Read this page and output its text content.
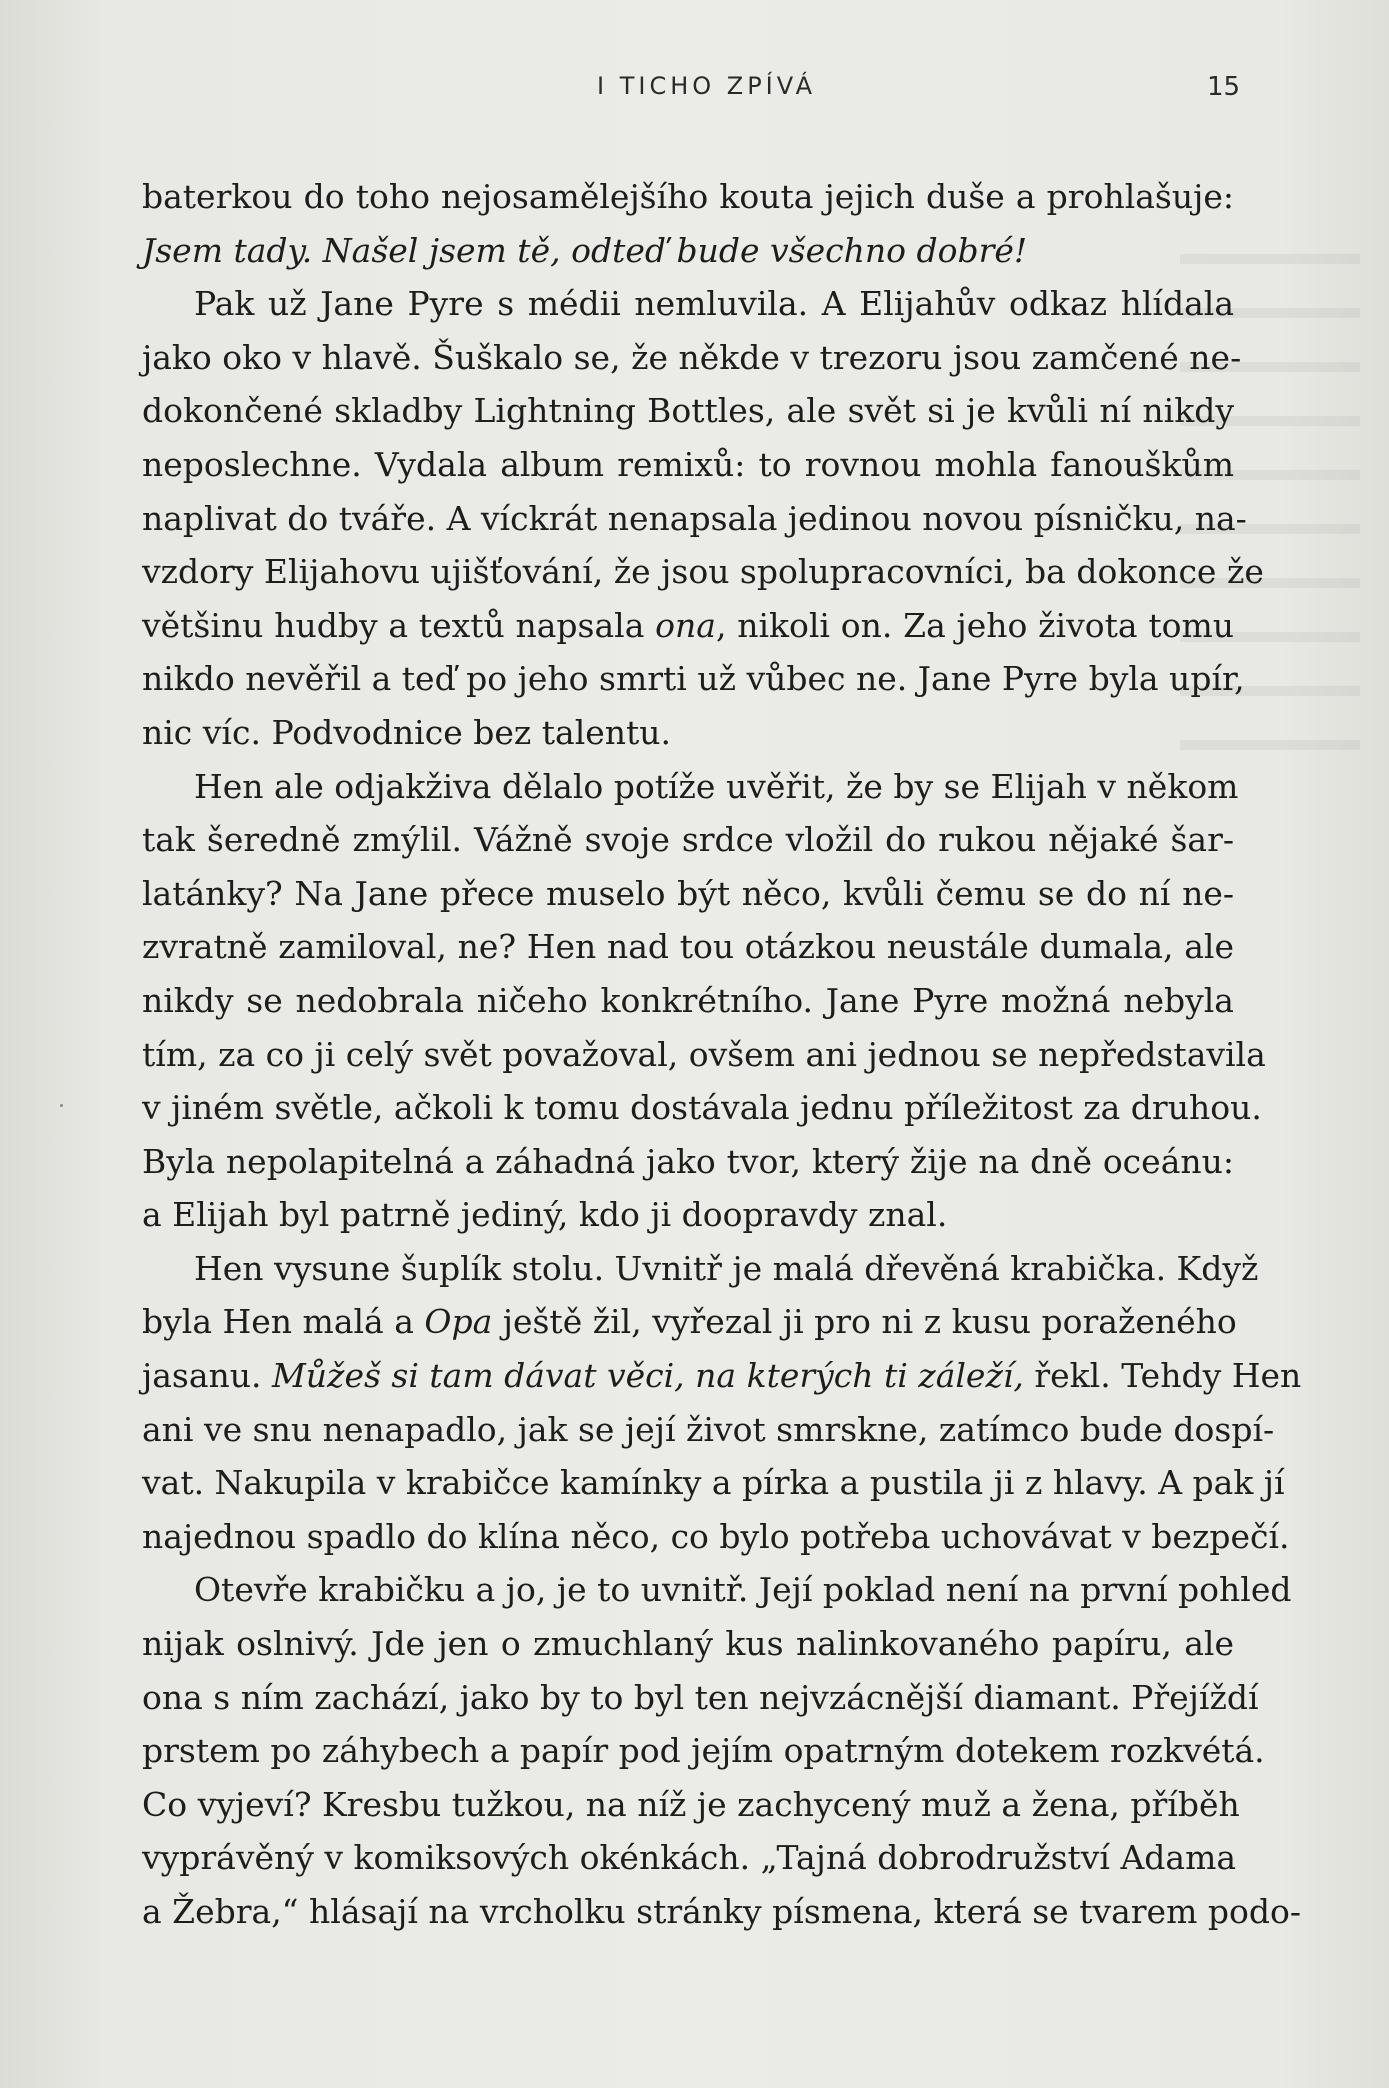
I TICHO ZPÍVÁ	15
baterkou do toho nejosamělejšího kouta jejich duše a prohlašuje:
Jsem tady. Našel jsem tě, odteď bude všechno dobré!
Pak už Jane Pyre s médii nemluvila. A Elijahův odkaz hlídala
jako oko v hlavě. Šuškalo se, že někde v trezoru jsou zamčené ne-
dokončené skladby Lightning Bottles, ale svět si je kvůli ní nikdy
neposlechne. Vydala album remixů: to rovnou mohla fanouškům
naplivat do tváře. A víckrát nenapsala jedinou novou písničku, na-
vzdory Elijahovu ujišťování, že jsou spolupracovníci, ba dokonce že
většinu hudby a textů napsala ona, nikoli on. Za jeho života tomu
nikdo nevěřil a teď po jeho smrti už vůbec ne. Jane Pyre byla upír,
nic víc. Podvodnice bez talentu.
Hen ale odjakživa dělalo potíže uvěřit, že by se Elijah v někom
tak šeredně zmýlil. Vážně svoje srdce vložil do rukou nějaké šar-
latánky? Na Jane přece muselo být něco, kvůli čemu se do ní ne-
zvratně zamiloval, ne? Hen nad tou otázkou neustále dumala, ale
nikdy se nedobrala ničeho konkrétního. Jane Pyre možná nebyla
tím, za co ji celý svět považoval, ovšem ani jednou se nepředstavila
v jiném světle, ačkoli k tomu dostávala jednu příležitost za druhou.
Byla nepolapitelná a záhadná jako tvor, který žije na dně oceánu:
a Elijah byl patrně jediný, kdo ji doopravdy znal.
Hen vysune šuplík stolu. Uvnitř je malá dřevěná krabička. Když
byla Hen malá a Opa ještě žil, vyřezal ji pro ni z kusu poraženého
jasanu. Můžeš si tam dávat věci, na kterých ti záleží, řekl. Tehdy Hen
ani ve snu nenapadlo, jak se její život smrskne, zatímco bude dospí-
vat. Nakupila v krabičce kamínky a pírka a pustila ji z hlavy. A pak jí
najednou spadlo do klína něco, co bylo potřeba uchovávat v bezpečí.
Otevře krabičku a jo, je to uvnitř. Její poklad není na první pohled
nijak oslnivý. Jde jen o zmuchlaný kus nalinkovaného papíru, ale
ona s ním zachází, jako by to byl ten nejvzácnější diamant. Přejíždí
prstem po záhybech a papír pod jejím opatrným dotekem rozkvétá.
Co vyjeví? Kresbu tužkou, na níž je zachycený muž a žena, příběh
vyprávěný v komiksových okénkách. „Tajná dobrodružství Adama
a Žebra,“ hlásají na vrcholku stránky písmena, která se tvarem podo-
